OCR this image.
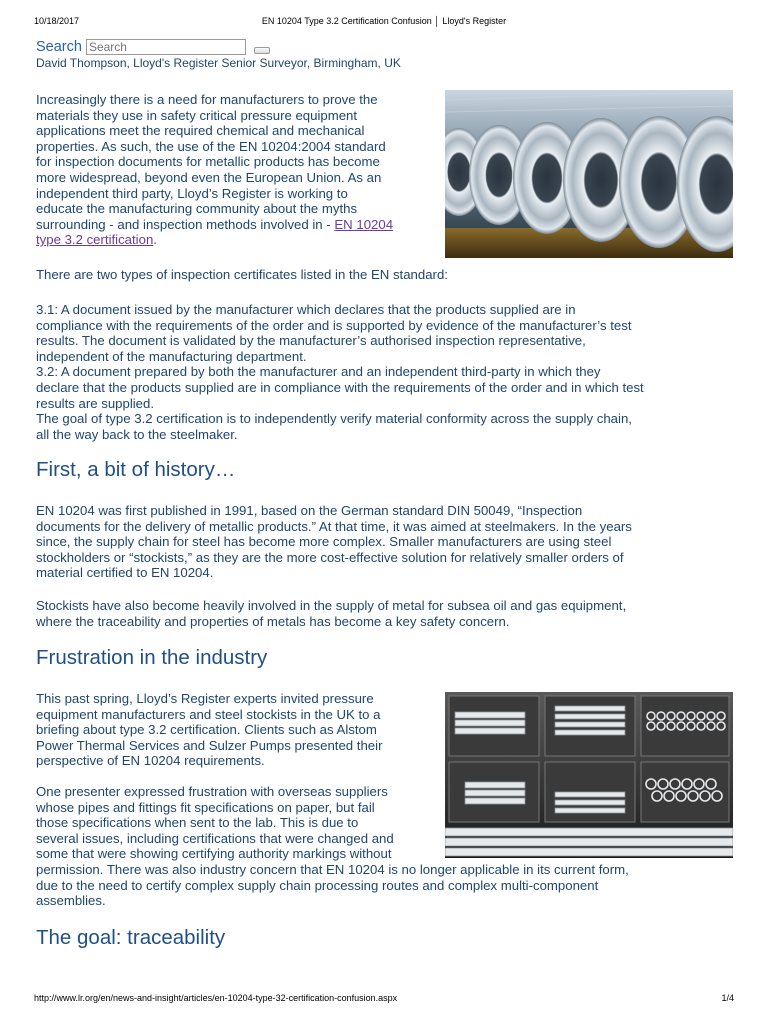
10/18/2017	EN 10204 Type 3.2 Certification Confusion │ Lloyd's Register
Search
Search
David Thompson, Lloyd's Register Senior Surveyor, Birmingham, UK

Increasingly there is a need for manufacturers to prove the
materials they use in safety critical pressure equipment
applications meet the required chemical and mechanical
properties. As such, the use of the EN 10204:2004 standard
for inspection documents for metallic products has become
more widespread, beyond even the European Union. As an
independent third party, Lloyd’s Register is working to
educate the manufacturing community about the myths
surrounding - and inspection methods involved in - EN 10204
type 3.2 certification.

There are two types of inspection certificates listed in the EN standard:

3.1: A document issued by the manufacturer which declares that the products supplied are in
compliance with the requirements of the order and is supported by evidence of the manufacturer’s test
results. The document is validated by the manufacturer’s authorised inspection representative,
independent of the manufacturing department.
3.2: A document prepared by both the manufacturer and an independent third-party in which they
declare that the products supplied are in compliance with the requirements of the order and in which test
results are supplied.
The goal of type 3.2 certification is to independently verify material conformity across the supply chain,
all the way back to the steelmaker.

First, a bit of history…

EN 10204 was first published in 1991, based on the German standard DIN 50049, “Inspection
documents for the delivery of metallic products.” At that time, it was aimed at steelmakers. In the years
since, the supply chain for steel has become more complex. Smaller manufacturers are using steel
stockholders or “stockists,” as they are the more cost-effective solution for relatively smaller orders of
material certified to EN 10204.

Stockists have also become heavily involved in the supply of metal for subsea oil and gas equipment,
where the traceability and properties of metals has become a key safety concern.

Frustration in the industry

This past spring, Lloyd’s Register experts invited pressure
equipment manufacturers and steel stockists in the UK to a
briefing about type 3.2 certification. Clients such as Alstom
Power Thermal Services and Sulzer Pumps presented their
perspective of EN 10204 requirements.

One presenter expressed frustration with overseas suppliers
whose pipes and fittings fit specifications on paper, but fail
those specifications when sent to the lab. This is due to
several issues, including certifications that were changed and
some that were showing certifying authority markings without
permission. There was also industry concern that EN 10204 is no longer applicable in its current form,
due to the need to certify complex supply chain processing routes and complex multi-component
assemblies.

The goal: traceability
http://www.lr.org/en/news-and-insight/articles/en-10204-type-32-certification-confusion.aspx	1/4
